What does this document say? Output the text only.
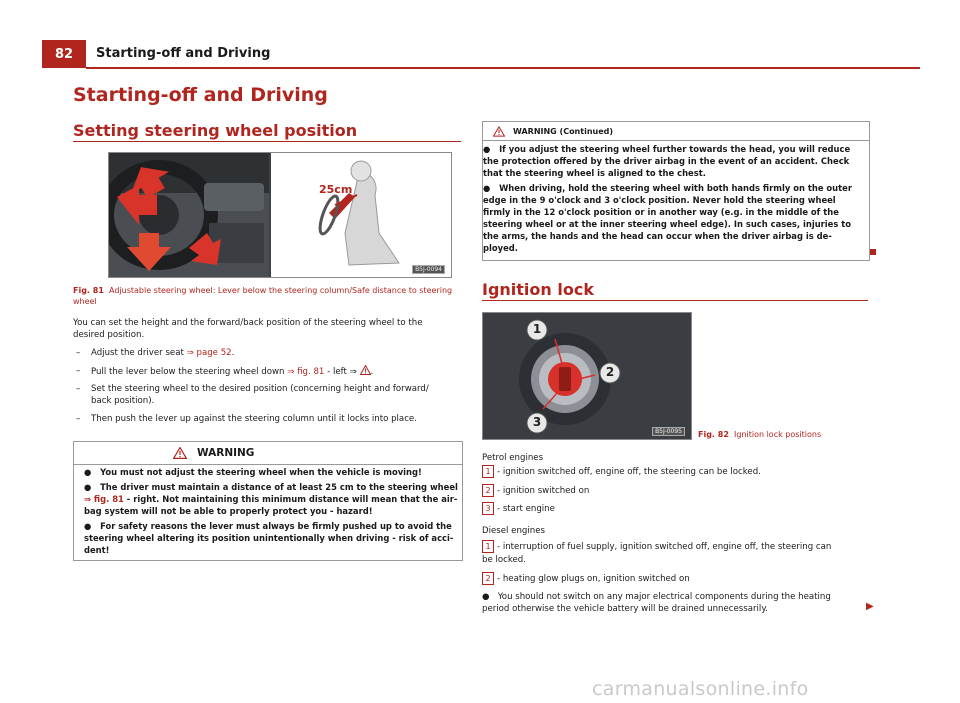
82	Starting-off and Driving
Starting-off and Driving
Setting steering wheel position
25cm
B5J-0094
Fig. 81 Adjustable steering wheel: Lever below the steering column/Safe distance to steering
wheel
You can set the height and the forward/back position of the steering wheel to the
desired position.
– Adjust the driver seat ⇒ page 52.
– Pull the lever below the steering wheel down ⇒ fig. 81 - left ⇒ .
– Set the steering wheel to the desired position (concerning height and forward/
back position).
– Then push the lever up against the steering column until it locks into place.
WARNING
● You must not adjust the steering wheel when the vehicle is moving!
● The driver must maintain a distance of at least 25 cm to the steering wheel
⇒ fig. 81 - right. Not maintaining this minimum distance will mean that the air-
bag system will not be able to properly protect you - hazard!
● For safety reasons the lever must always be firmly pushed up to avoid the
steering wheel altering its position unintentionally when driving - risk of acci-
dent!
WARNING (Continued)
● If you adjust the steering wheel further towards the head, you will reduce
the protection offered by the driver airbag in the event of an accident. Check
that the steering wheel is aligned to the chest.
● When driving, hold the steering wheel with both hands firmly on the outer
edge in the 9 o'clock and 3 o'clock position. Never hold the steering wheel
firmly in the 12 o'clock position or in another way (e.g. in the middle of the
steering wheel or at the inner steering wheel edge). In such cases, injuries to
the arms, the hands and the head can occur when the driver airbag is de-
ployed.
Ignition lock
1
2
3
B5J-0095	Fig. 82 Ignition lock positions
Petrol engines
1 - ignition switched off, engine off, the steering can be locked.
2 - ignition switched on
3 - start engine
Diesel engines
1 - interruption of fuel supply, ignition switched off, engine off, the steering can
be locked.
2 - heating glow plugs on, ignition switched on
● You should not switch on any major electrical components during the heating
period otherwise the vehicle battery will be drained unnecessarily.	▶
carmanualsonline.info
